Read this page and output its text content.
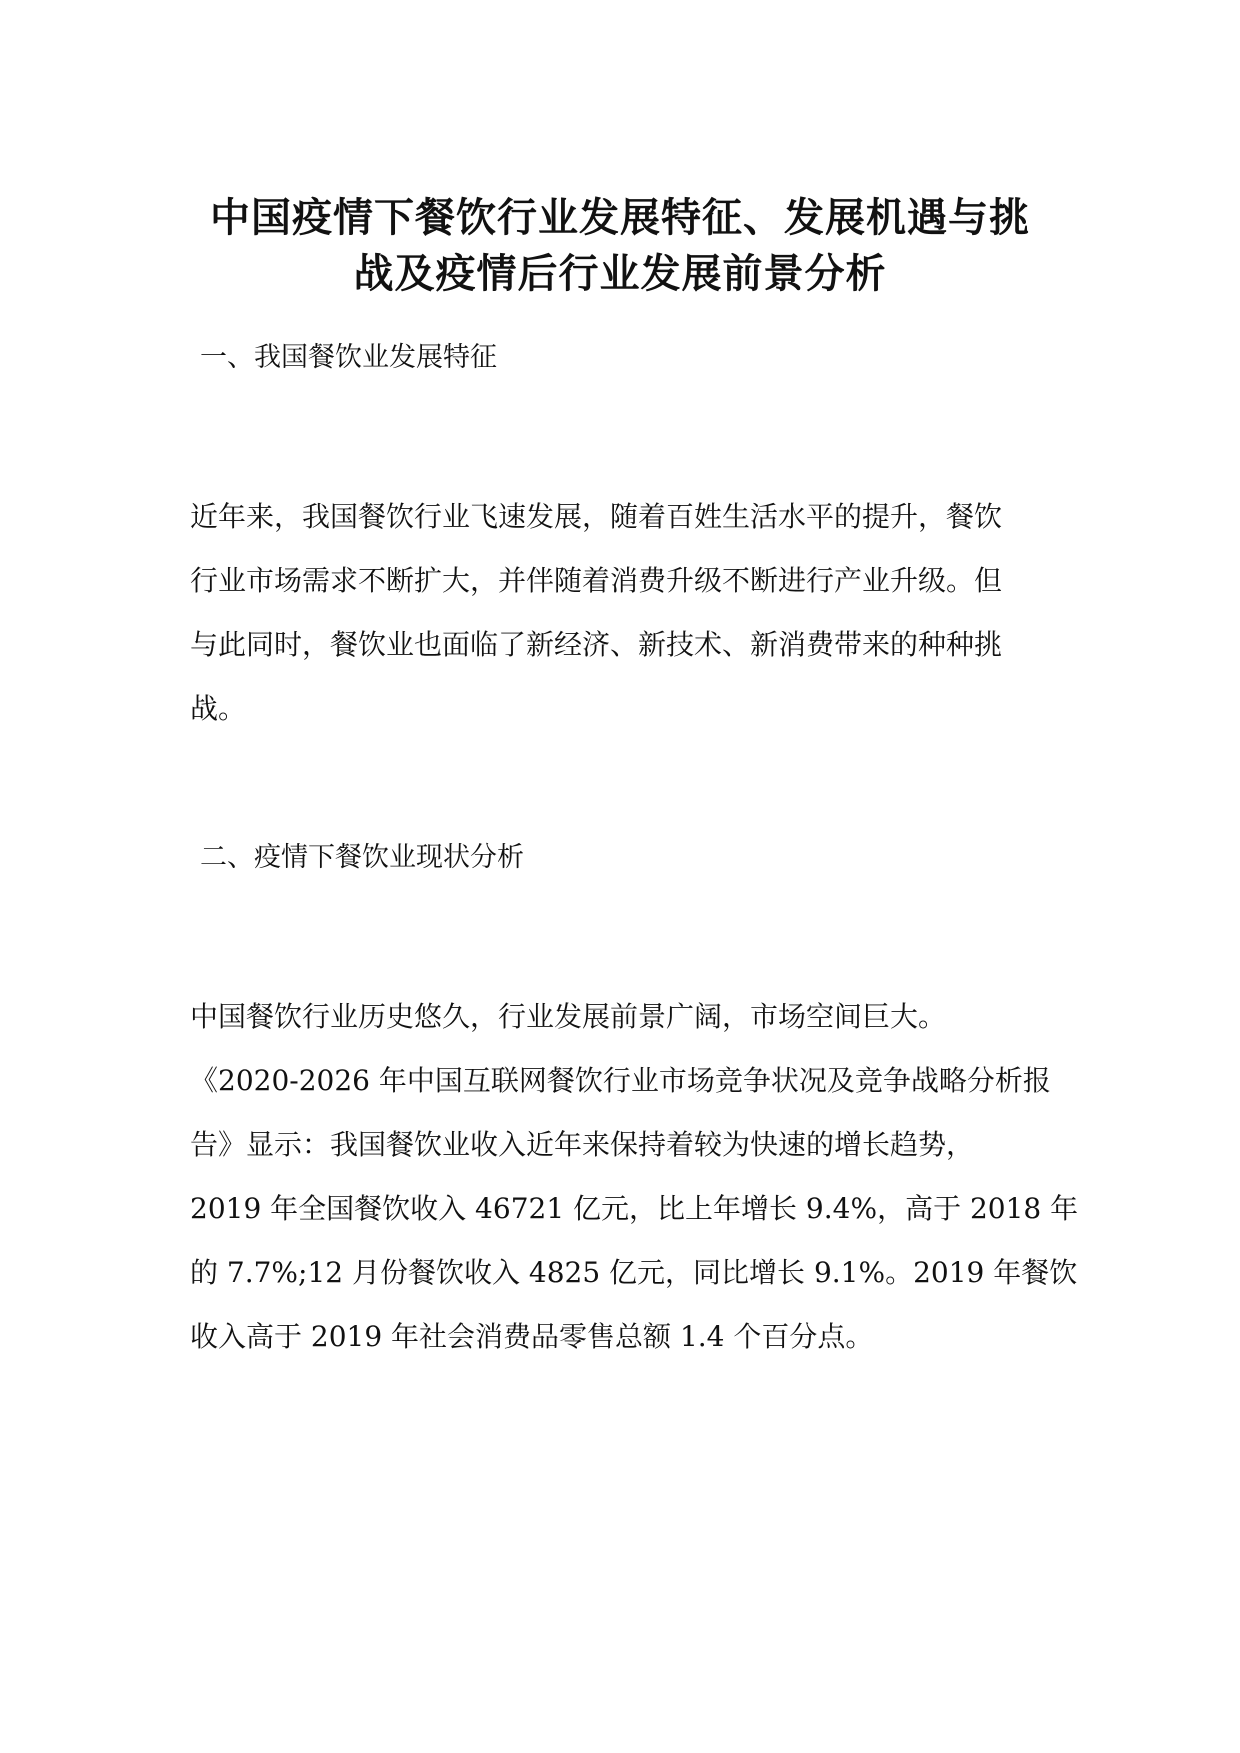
中国疫情下餐饮行业发展特征、发展机遇与挑
战及疫情后行业发展前景分析
一、我国餐饮业发展特征

近年来，我国餐饮行业飞速发展，随着百姓生活水平的提升，餐饮
行业市场需求不断扩大，并伴随着消费升级不断进行产业升级。但
与此同时，餐饮业也面临了新经济、新技术、新消费带来的种种挑
战。

二、疫情下餐饮业现状分析

中国餐饮行业历史悠久，行业发展前景广阔，市场空间巨大。
《2020-2026 年中国互联网餐饮行业市场竞争状况及竞争战略分析报
告》显示：我国餐饮业收入近年来保持着较为快速的增长趋势，
2019 年全国餐饮收入 46721 亿元，比上年增长 9.4%，高于 2018 年
的 7.7%;12 月份餐饮收入 4825 亿元，同比增长 9.1%。2019 年餐饮
收入高于 2019 年社会消费品零售总额 1.4 个百分点。
